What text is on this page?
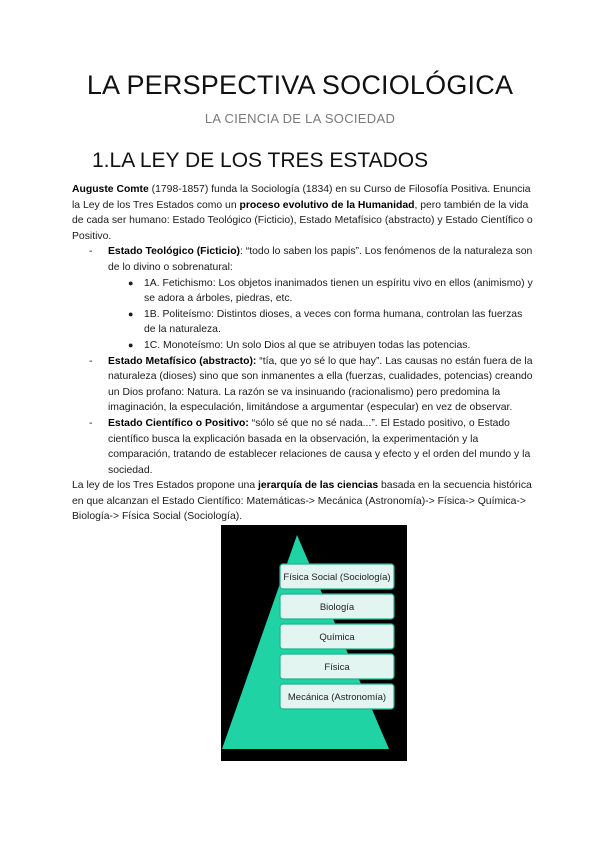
LA PERSPECTIVA SOCIOLÓGICA
LA CIENCIA DE LA SOCIEDAD
1.LA LEY DE LOS TRES ESTADOS

Auguste Comte (1798-1857) funda la Sociología (1834) en su Curso de Filosofía Positiva. Enuncia la Ley de los Tres Estados como un proceso evolutivo de la Humanidad, pero también de la vida de cada ser humano: Estado Teológico (Ficticio), Estado Metafísico (abstracto) y Estado Científico o Positivo.

- Estado Teológico (Ficticio): “todo lo saben los papis”. Los fenómenos de la naturaleza son de lo divino o sobrenatural:
● 1A. Fetichismo: Los objetos inanimados tienen un espíritu vivo en ellos (animismo) y se adora a árboles, piedras, etc.
● 1B. Politeísmo: Distintos dioses, a veces con forma humana, controlan las fuerzas de la naturaleza.
● 1C. Monoteísmo: Un solo Dios al que se atribuyen todas las potencias.
- Estado Metafísico (abstracto): “tía, que yo sé lo que hay”. Las causas no están fuera de la naturaleza (dioses) sino que son inmanentes a ella (fuerzas, cualidades, potencias) creando un Dios profano: Natura. La razón se va insinuando (racionalismo) pero predomina la imaginación, la especulación, limitándose a argumentar (especular) en vez de observar.
- Estado Científico o Positivo: “sólo sé que no sé nada...”. El Estado positivo, o Estado científico busca la explicación basada en la observación, la experimentación y la comparación, tratando de establecer relaciones de causa y efecto y el orden del mundo y la sociedad.

La ley de los Tres Estados propone una jerarquía de las ciencias basada en la secuencia histórica en que alcanzan el Estado Científico: Matemáticas-> Mecánica (Astronomía)-> Física-> Química-> Biología-> Física Social (Sociología).

Física Social (Sociología)
Biología
Química
Física
Mecánica (Astronomía)
